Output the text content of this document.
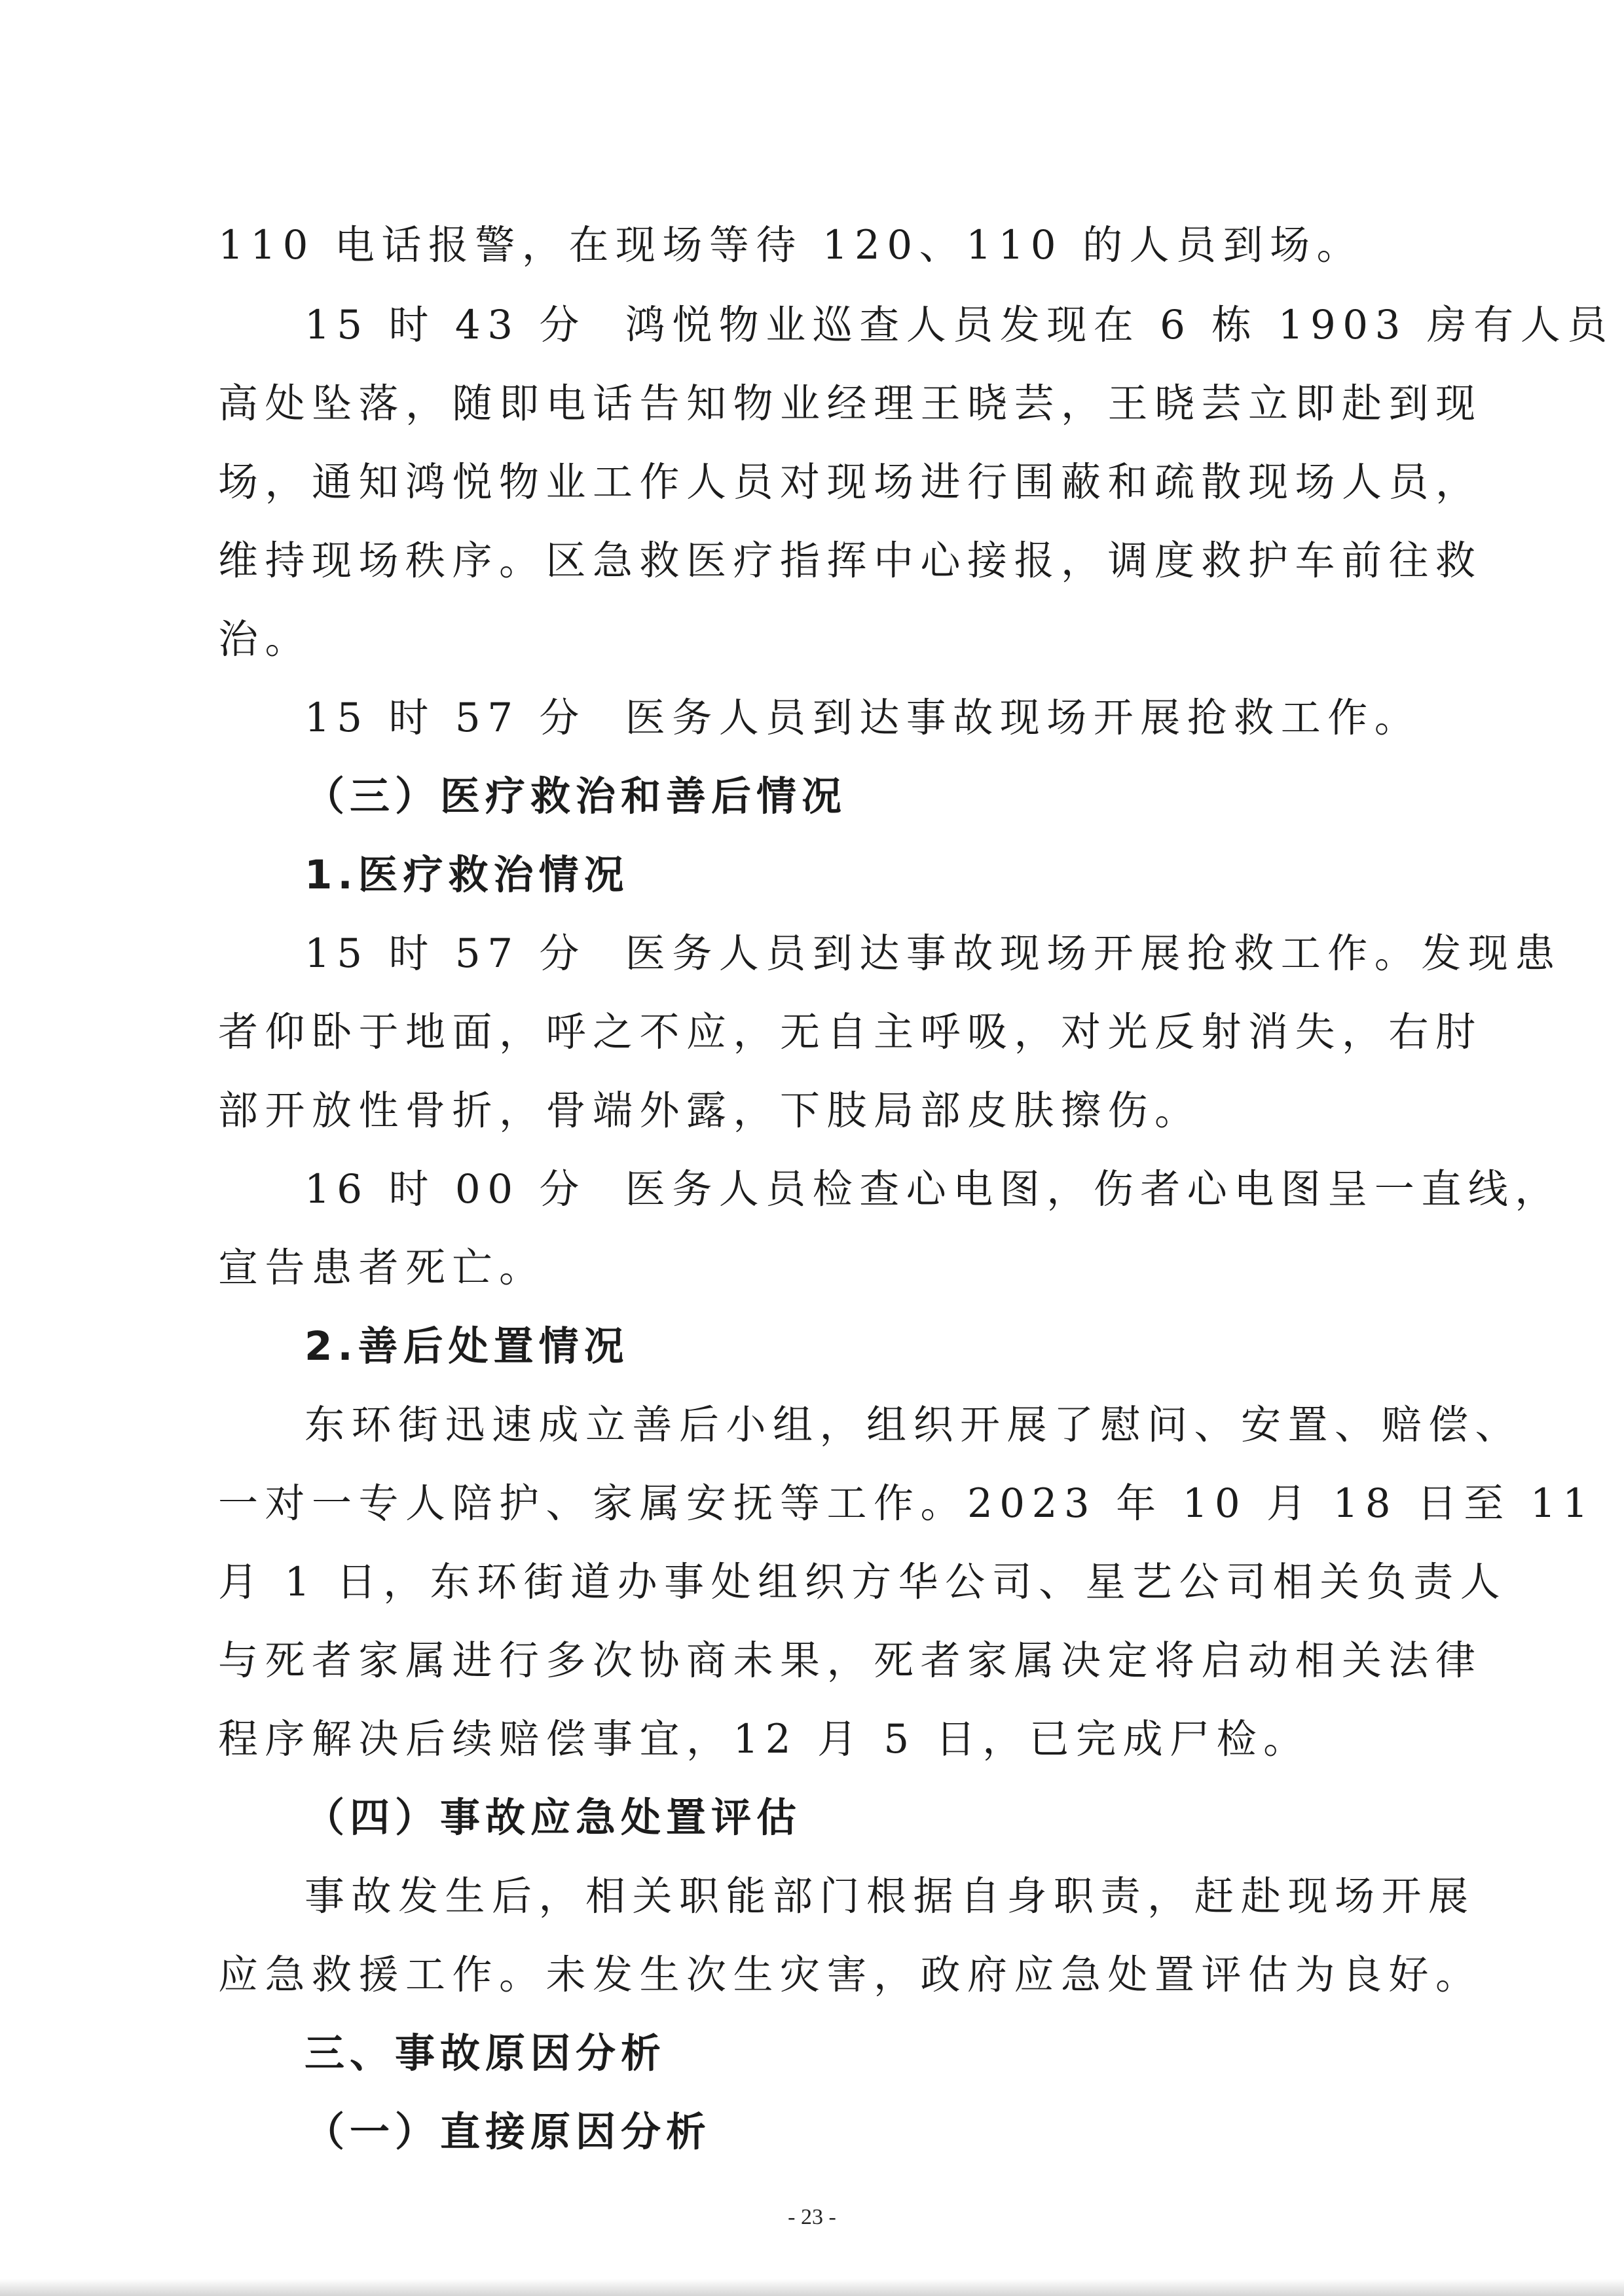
110 电话报警，在现场等待 120、110 的人员到场。
15 时 43 分  鸿悦物业巡查人员发现在 6 栋 1903 房有人员
高处坠落，随即电话告知物业经理王晓芸，王晓芸立即赴到现
场，通知鸿悦物业工作人员对现场进行围蔽和疏散现场人员，
维持现场秩序。区急救医疗指挥中心接报，调度救护车前往救
治。
15 时 57 分  医务人员到达事故现场开展抢救工作。
（三）医疗救治和善后情况
1.医疗救治情况
15 时 57 分  医务人员到达事故现场开展抢救工作。发现患
者仰卧于地面，呼之不应，无自主呼吸，对光反射消失，右肘
部开放性骨折，骨端外露，下肢局部皮肤擦伤。
16 时 00 分  医务人员检查心电图，伤者心电图呈一直线，
宣告患者死亡。
2.善后处置情况
东环街迅速成立善后小组，组织开展了慰问、安置、赔偿、
一对一专人陪护、家属安抚等工作。2023 年 10 月 18 日至 11
月 1 日，东环街道办事处组织方华公司、星艺公司相关负责人
与死者家属进行多次协商未果，死者家属决定将启动相关法律
程序解决后续赔偿事宜，12 月 5 日，已完成尸检。
（四）事故应急处置评估
事故发生后，相关职能部门根据自身职责，赶赴现场开展
应急救援工作。未发生次生灾害，政府应急处置评估为良好。
三、事故原因分析
（一）直接原因分析
- 23 -
